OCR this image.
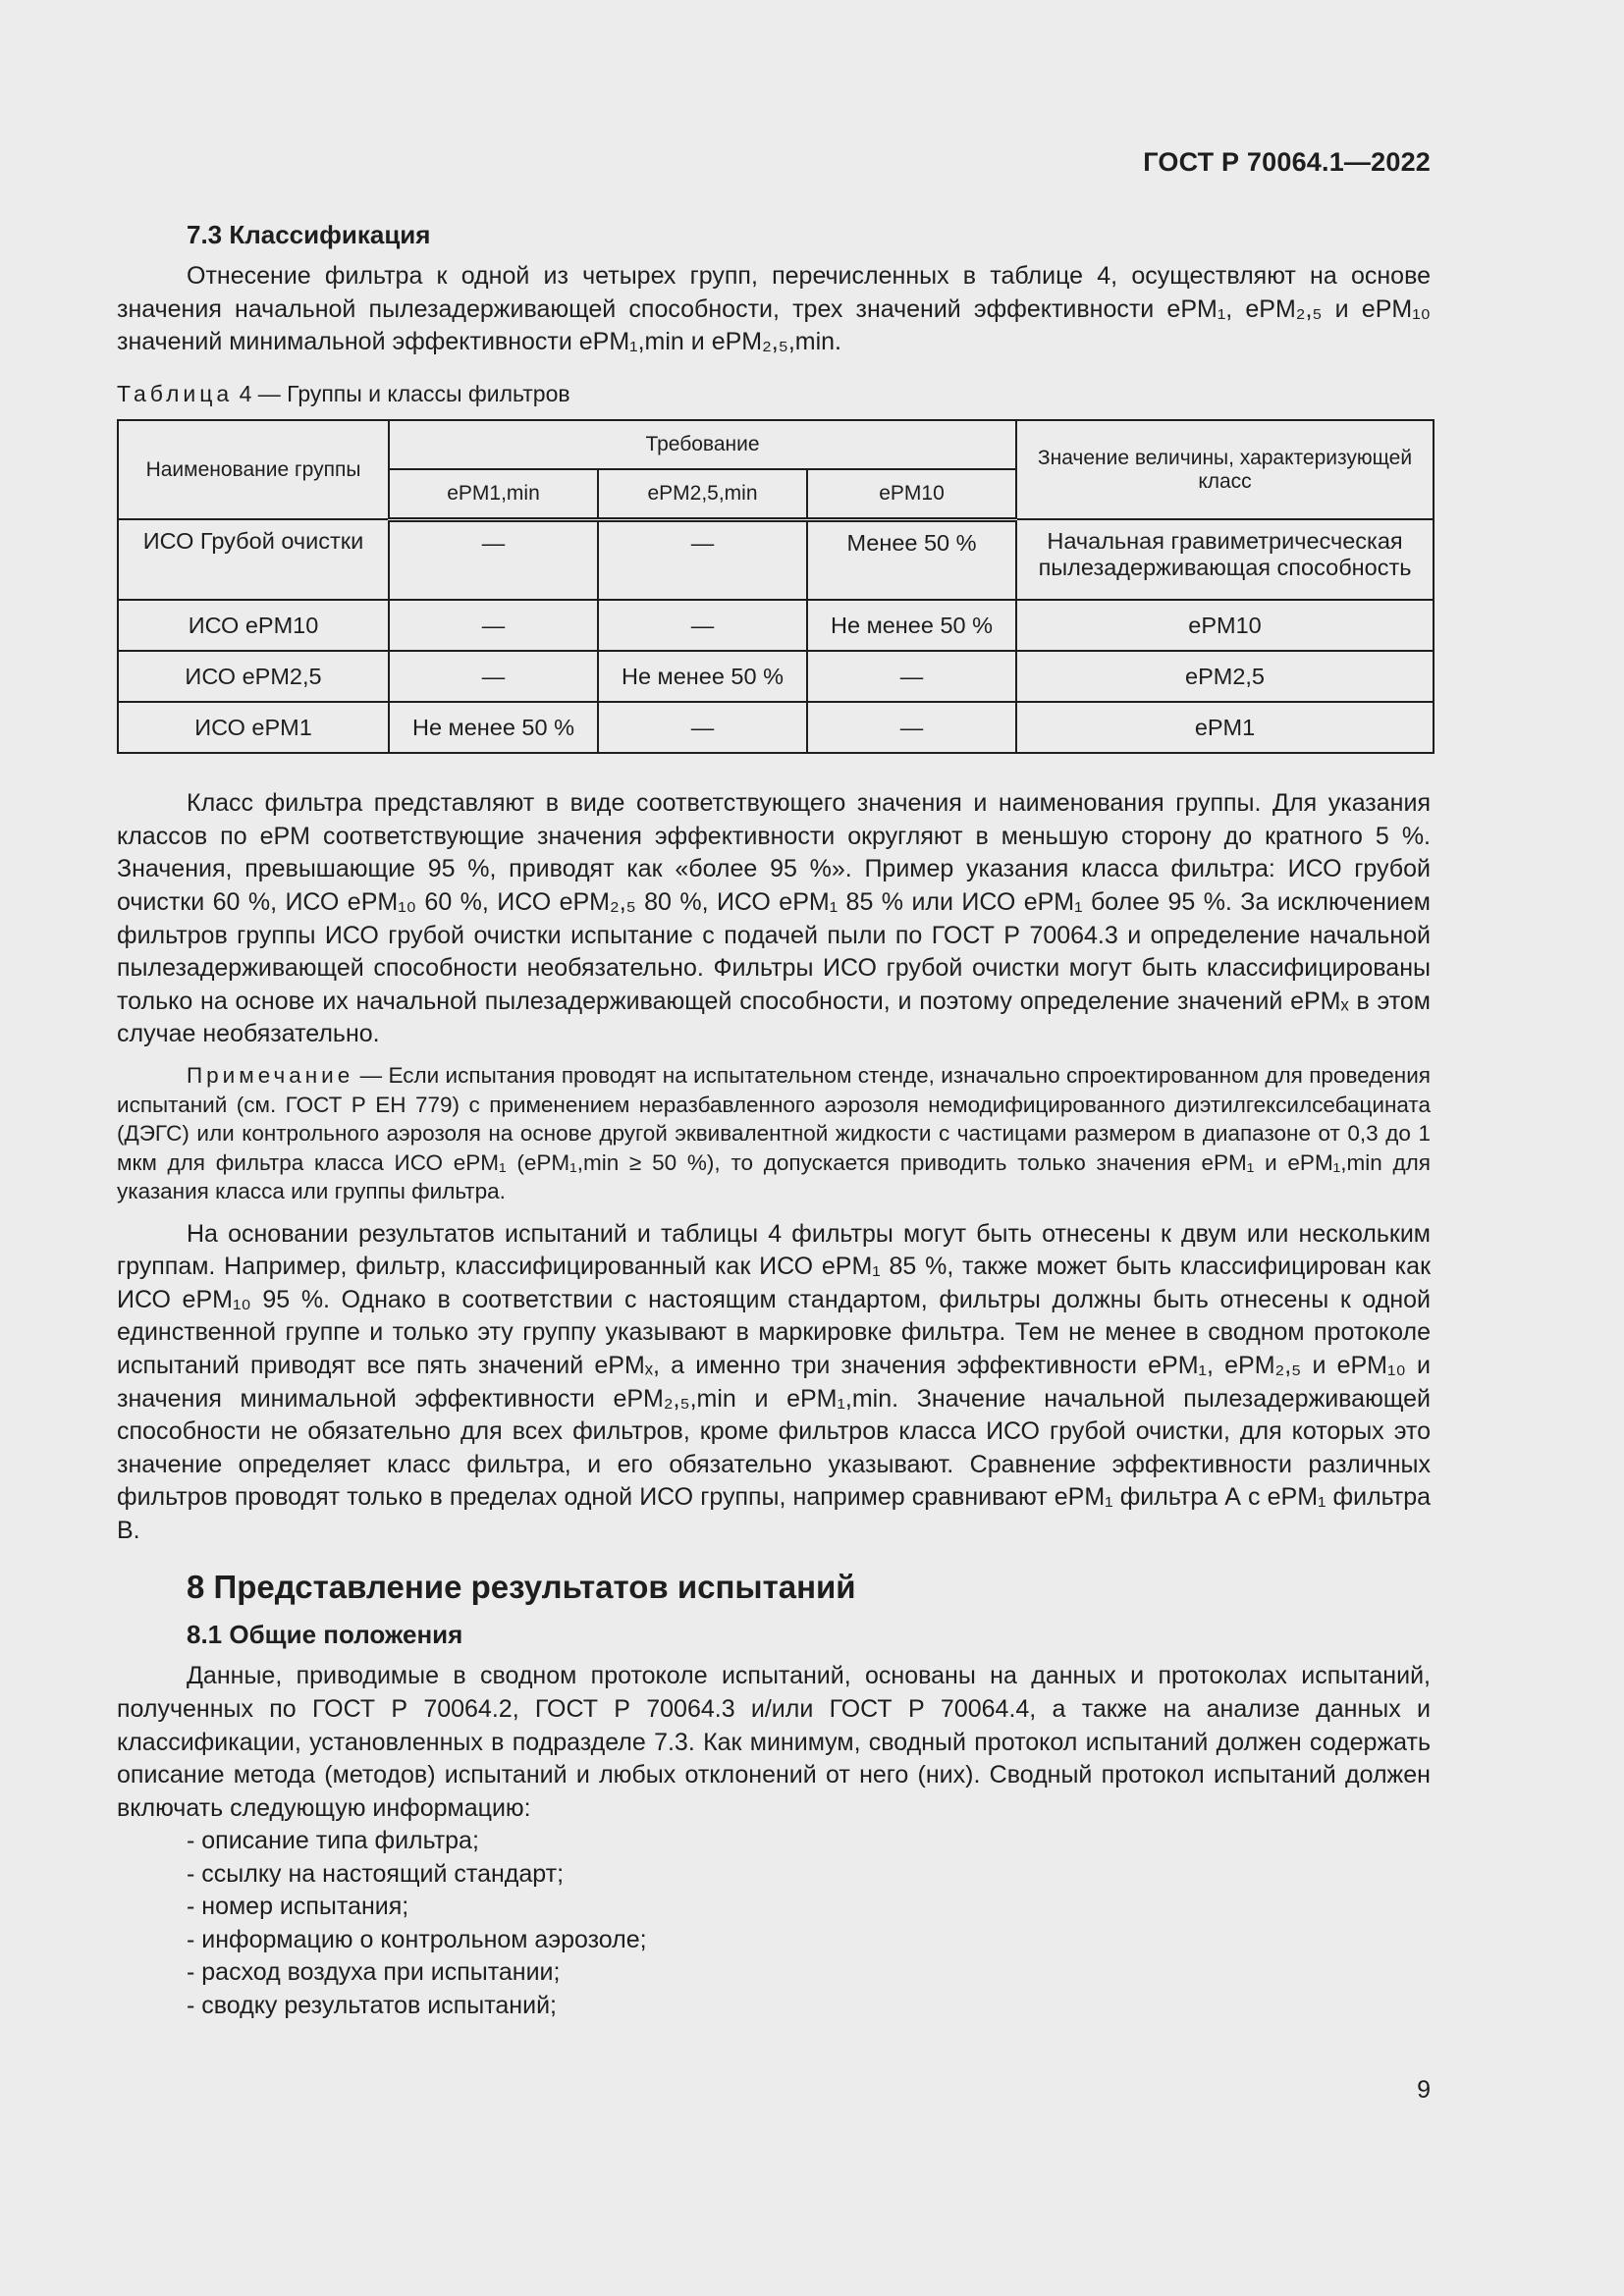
ГОСТ Р 70064.1—2022
7.3 Классификация

Отнесение фильтра к одной из четырех групп, перечисленных в таблице 4, осуществляют на основе значения начальной пылезадерживающей способности, трех значений эффективности ePM₁, ePM₂,₅ и ePM₁₀ значений минимальной эффективности ePM₁,min и ePM₂,₅,min.

Таблица 4 — Группы и классы фильтров
Наименование группы	Требование			Значение величины, характеризующей класс
	ePM1,min	ePM2,5,min	ePM10	
ИСО Грубой очистки	—	—	Менее 50 %	Начальная гравиметричесчеcкая пылезадерживающая способность
ИСО ePM10	—	—	Не менее 50 %	ePM10
ИСО ePM2,5	—	Не менее 50 %	—	ePM2,5
ИСО ePM1	Не менее 50 %	—	—	ePM1

Класс фильтра представляют в виде соответствующего значения и наименования группы. Для указания классов по ePM соответствующие значения эффективности округляют в меньшую сторону до кратного 5 %. Значения, превышающие 95 %, приводят как «более 95 %». Пример указания класса фильтра: ИСО грубой очистки 60 %, ИСО ePM₁₀ 60 %, ИСО ePM₂,₅ 80 %, ИСО ePM₁ 85 % или ИСО ePM₁ более 95 %. За исключением фильтров группы ИСО грубой очистки испытание с подачей пыли по ГОСТ Р 70064.3 и определение начальной пылезадерживающей способности необязательно. Фильтры ИСО грубой очистки могут быть классифицированы только на основе их начальной пылезадерживающей способности, и поэтому определение значений ePMₓ в этом случае необязательно.

Примечание — Если испытания проводят на испытательном стенде, изначально спроектированном для проведения испытаний (см. ГОСТ Р ЕН 779) с применением неразбавленного аэрозоля немодифицированного диэтилгексилсебацината (ДЭГС) или контрольного аэрозоля на основе другой эквивалентной жидкости с частицами размером в диапазоне от 0,3 до 1 мкм для фильтра класса ИСО ePM₁ (ePM₁,min ≥ 50 %), то допускается приводить только значения ePM₁ и ePM₁,min для указания класса или группы фильтра.

На основании результатов испытаний и таблицы 4 фильтры могут быть отнесены к двум или нескольким группам. Например, фильтр, классифицированный как ИСО ePM₁ 85 %, также может быть классифицирован как ИСО ePM₁₀ 95 %. Однако в соответствии с настоящим стандартом, фильтры должны быть отнесены к одной единственной группе и только эту группу указывают в маркировке фильтра. Тем не менее в сводном протоколе испытаний приводят все пять значений ePMₓ, а именно три значения эффективности ePM₁, ePM₂,₅ и ePM₁₀ и значения минимальной эффективности ePM₂,₅,min и ePM₁,min. Значение начальной пылезадерживающей способности не обязательно для всех фильтров, кроме фильтров класса ИСО грубой очистки, для которых это значение определяет класс фильтра, и его обязательно указывают. Сравнение эффективности различных фильтров проводят только в пределах одной ИСО группы, например сравнивают ePM₁ фильтра А с ePM₁ фильтра В.

8 Представление результатов испытаний
8.1 Общие положения

Данные, приводимые в сводном протоколе испытаний, основаны на данных и протоколах испытаний, полученных по ГОСТ Р 70064.2, ГОСТ Р 70064.3 и/или ГОСТ Р 70064.4, а также на анализе данных и классификации, установленных в подразделе 7.3. Как минимум, сводный протокол испытаний должен содержать описание метода (методов) испытаний и любых отклонений от него (них). Сводный протокол испытаний должен включать следующую информацию:

- описание типа фильтра;
- ссылку на настоящий стандарт;
- номер испытания;
- информацию о контрольном аэрозоле;
- расход воздуха при испытании;
- сводку результатов испытаний;
9
